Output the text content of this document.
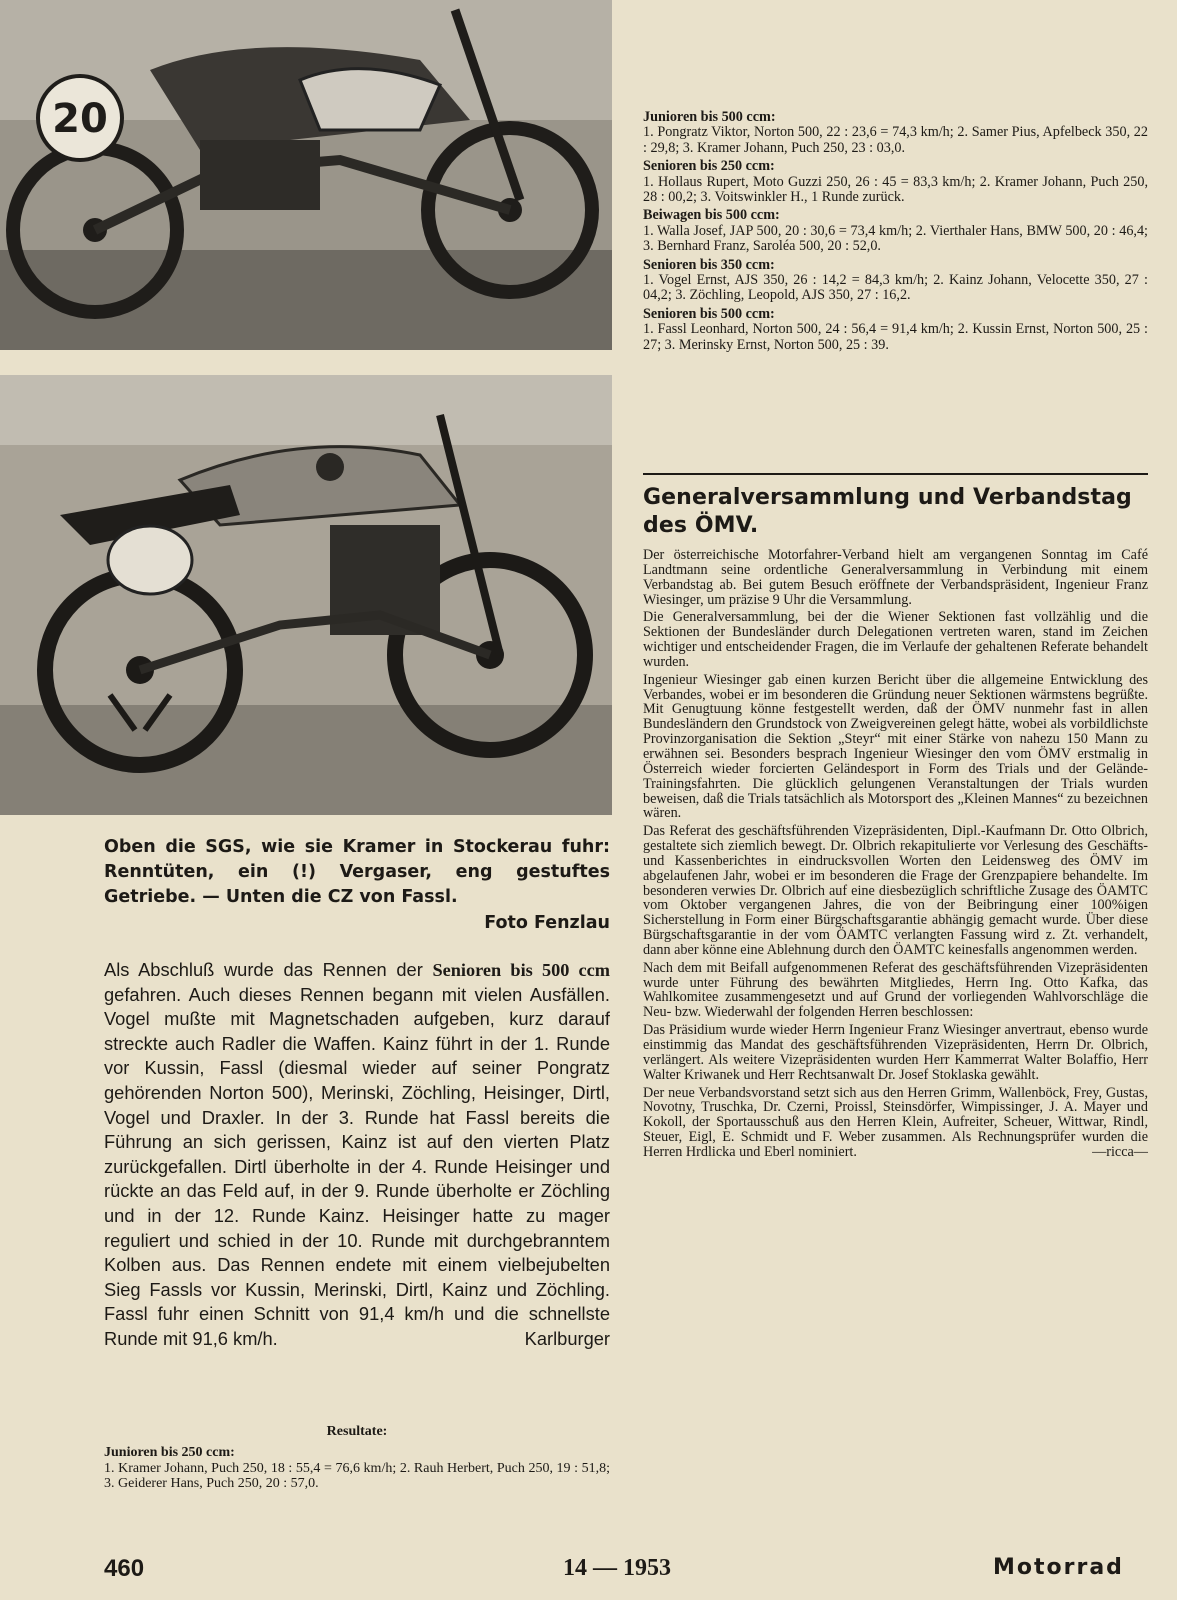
20
Oben die SGS, wie sie Kramer in Stockerau fuhr: Renntüten, ein (!) Vergaser, eng gestuftes Getriebe. — Unten die CZ von Fassl.
Foto Fenzlau
Als Abschluß wurde das Rennen der Senioren bis 500 ccm gefahren. Auch dieses Rennen begann mit vielen Ausfällen. Vogel mußte mit Magnetschaden aufgeben, kurz darauf streckte auch Radler die Waffen. Kainz führt in der 1. Runde vor Kussin, Fassl (diesmal wieder auf seiner Pongratz gehörenden Norton 500), Merinski, Zöchling, Heisinger, Dirtl, Vogel und Draxler. In der 3. Runde hat Fassl bereits die Führung an sich gerissen, Kainz ist auf den vierten Platz zurückgefallen. Dirtl überholte in der 4. Runde Heisinger und rückte an das Feld auf, in der 9. Runde überholte er Zöchling und in der 12. Runde Kainz. Heisinger hatte zu mager reguliert und schied in der 10. Runde mit durchgebranntem Kolben aus. Das Rennen endete mit einem vielbejubelten Sieg Fassls vor Kussin, Merinski, Dirtl, Kainz und Zöchling. Fassl fuhr einen Schnitt von 91,4 km/h und die schnellste Runde mit 91,6 km/h.	Karlburger
Resultate:
Junioren bis 250 ccm:
1. Kramer Johann, Puch 250, 18 : 55,4 = 76,6 km/h; 2. Rauh Herbert, Puch 250, 19 : 51,8; 3. Geiderer Hans, Puch 250, 20 : 57,0.
Junioren bis 500 ccm:
1. Pongratz Viktor, Norton 500, 22 : 23,6 = 74,3 km/h; 2. Samer Pius, Apfelbeck 350, 22 : 29,8; 3. Kramer Johann, Puch 250, 23 : 03,0.
Senioren bis 250 ccm:
1. Hollaus Rupert, Moto Guzzi 250, 26 : 45 = 83,3 km/h; 2. Kramer Johann, Puch 250, 28 : 00,2; 3. Voitswinkler H., 1 Runde zurück.
Beiwagen bis 500 ccm:
1. Walla Josef, JAP 500, 20 : 30,6 = 73,4 km/h; 2. Vierthaler Hans, BMW 500, 20 : 46,4; 3. Bernhard Franz, Saroléa 500, 20 : 52,0.
Senioren bis 350 ccm:
1. Vogel Ernst, AJS 350, 26 : 14,2 = 84,3 km/h; 2. Kainz Johann, Velocette 350, 27 : 04,2; 3. Zöchling, Leopold, AJS 350, 27 : 16,2.
Senioren bis 500 ccm:
1. Fassl Leonhard, Norton 500, 24 : 56,4 = 91,4 km/h; 2. Kussin Ernst, Norton 500, 25 : 27; 3. Merinsky Ernst, Norton 500, 25 : 39.
Generalversammlung und Verbandstag des ÖMV.

Der österreichische Motorfahrer-Verband hielt am vergangenen Sonntag im Café Landtmann seine ordentliche Generalversammlung in Verbindung mit einem Verbandstag ab. Bei gutem Besuch eröffnete der Verbandspräsident, Ingenieur Franz Wiesinger, um präzise 9 Uhr die Versammlung.

Die Generalversammlung, bei der die Wiener Sektionen fast vollzählig und die Sektionen der Bundesländer durch Delegationen vertreten waren, stand im Zeichen wichtiger und entscheidender Fragen, die im Verlaufe der gehaltenen Referate behandelt wurden.

Ingenieur Wiesinger gab einen kurzen Bericht über die allgemeine Entwicklung des Verbandes, wobei er im besonderen die Gründung neuer Sektionen wärmstens begrüßte. Mit Genugtuung könne festgestellt werden, daß der ÖMV nunmehr fast in allen Bundesländern den Grundstock von Zweigvereinen gelegt hätte, wobei als vorbildlichste Provinzorganisation die Sektion „Steyr“ mit einer Stärke von nahezu 150 Mann zu erwähnen sei. Besonders besprach Ingenieur Wiesinger den vom ÖMV erstmalig in Österreich wieder forcierten Geländesport in Form des Trials und der Gelände-Trainingsfahrten. Die glücklich gelungenen Veranstaltungen der Trials wurden beweisen, daß die Trials tatsächlich als Motorsport des „Kleinen Mannes“ zu bezeichnen wären.

Das Referat des geschäftsführenden Vizepräsidenten, Dipl.-Kaufmann Dr. Otto Olbrich, gestaltete sich ziemlich bewegt. Dr. Olbrich rekapitulierte vor Verlesung des Geschäfts- und Kassenberichtes in eindrucksvollen Worten den Leidensweg des ÖMV im abgelaufenen Jahr, wobei er im besonderen die Frage der Grenzpapiere behandelte. Im besonderen verwies Dr. Olbrich auf eine diesbezüglich schriftliche Zusage des ÖAMTC vom Oktober vergangenen Jahres, die von der Beibringung einer 100%igen Sicherstellung in Form einer Bürgschaftsgarantie abhängig gemacht wurde. Über diese Bürgschaftsgarantie in der vom ÖAMTC verlangten Fassung wird z. Zt. verhandelt, dann aber könne eine Ablehnung durch den ÖAMTC keinesfalls angenommen werden.

Nach dem mit Beifall aufgenommenen Referat des geschäftsführenden Vizepräsidenten wurde unter Führung des bewährten Mitgliedes, Herrn Ing. Otto Kafka, das Wahlkomitee zusammengesetzt und auf Grund der vorliegenden Wahlvorschläge die Neu- bzw. Wiederwahl der folgenden Herren beschlossen:

Das Präsidium wurde wieder Herrn Ingenieur Franz Wiesinger anvertraut, ebenso wurde einstimmig das Mandat des geschäftsführenden Vizepräsidenten, Herrn Dr. Olbrich, verlängert. Als weitere Vizepräsidenten wurden Herr Kammerrat Walter Bolaffio, Herr Walter Kriwanek und Herr Rechtsanwalt Dr. Josef Stoklaska gewählt.

Der neue Verbandsvorstand setzt sich aus den Herren Grimm, Wallenböck, Frey, Gustas, Novotny, Truschka, Dr. Czerni, Proissl, Steinsdörfer, Wimpissinger, J. A. Mayer und Kokoll, der Sportausschuß aus den Herren Klein, Aufreiter, Scheuer, Wittwar, Rindl, Steuer, Eigl, E. Schmidt und F. Weber zusammen. Als Rechnungsprüfer wurden die Herren Hrdlicka und Eberl nominiert.	—ricca—

460	14 — 1953	Motorrad
